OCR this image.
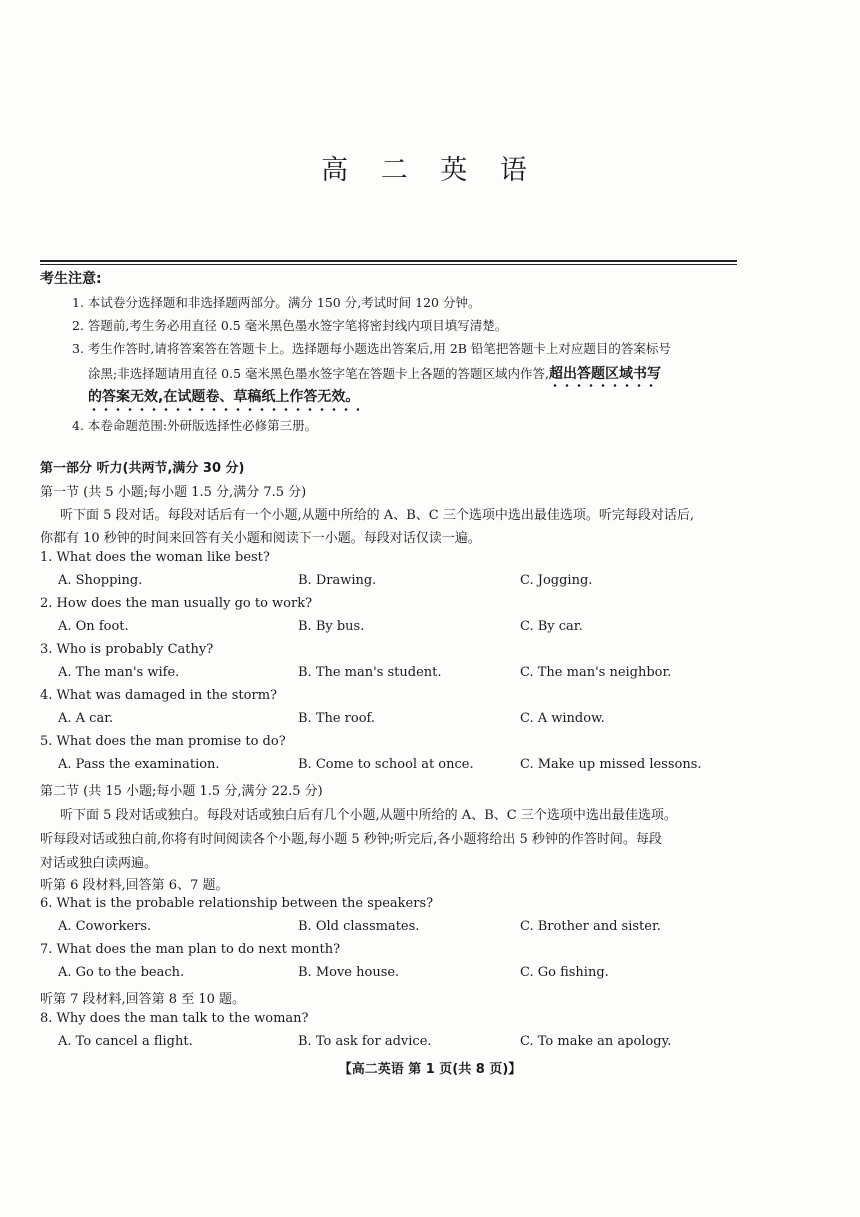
高 二 英 语
考生注意:
1. 本试卷分选择题和非选择题两部分。满分 150 分,考试时间 120 分钟。
2. 答题前,考生务必用直径 0.5 毫米黑色墨水签字笔将密封线内项目填写清楚。
3. 考生作答时,请将答案答在答题卡上。选择题每小题选出答案后,用 2B 铅笔把答题卡上对应题目的答案标号
涂黑;非选择题请用直径 0.5 毫米黑色墨水签字笔在答题卡上各题的答题区域内作答,超出答题区域书写
的答案无效,在试题卷、草稿纸上作答无效。
4. 本卷命题范围:外研版选择性必修第三册。
第一部分 听力(共两节,满分 30 分)
第一节 (共 5 小题;每小题 1.5 分,满分 7.5 分)
听下面 5 段对话。每段对话后有一个小题,从题中所给的 A、B、C 三个选项中选出最佳选项。听完每段对话后,
你都有 10 秒钟的时间来回答有关小题和阅读下一小题。每段对话仅读一遍。
1. What does the woman like best?
A. Shopping.	B. Drawing.	C. Jogging.
2. How does the man usually go to work?
A. On foot.	B. By bus.	C. By car.
3. Who is probably Cathy?
A. The man's wife.	B. The man's student.	C. The man's neighbor.
4. What was damaged in the storm?
A. A car.	B. The roof.	C. A window.
5. What does the man promise to do?
A. Pass the examination.	B. Come to school at once.	C. Make up missed lessons.
第二节 (共 15 小题;每小题 1.5 分,满分 22.5 分)
听下面 5 段对话或独白。每段对话或独白后有几个小题,从题中所给的 A、B、C 三个选项中选出最佳选项。
听每段对话或独白前,你将有时间阅读各个小题,每小题 5 秒钟;听完后,各小题将给出 5 秒钟的作答时间。每段
对话或独白读两遍。
听第 6 段材料,回答第 6、7 题。
6. What is the probable relationship between the speakers?
A. Coworkers.	B. Old classmates.	C. Brother and sister.
7. What does the man plan to do next month?
A. Go to the beach.	B. Move house.	C. Go fishing.
听第 7 段材料,回答第 8 至 10 题。
8. Why does the man talk to the woman?
A. To cancel a flight.	B. To ask for advice.	C. To make an apology.
【高二英语 第 1 页(共 8 页)】
